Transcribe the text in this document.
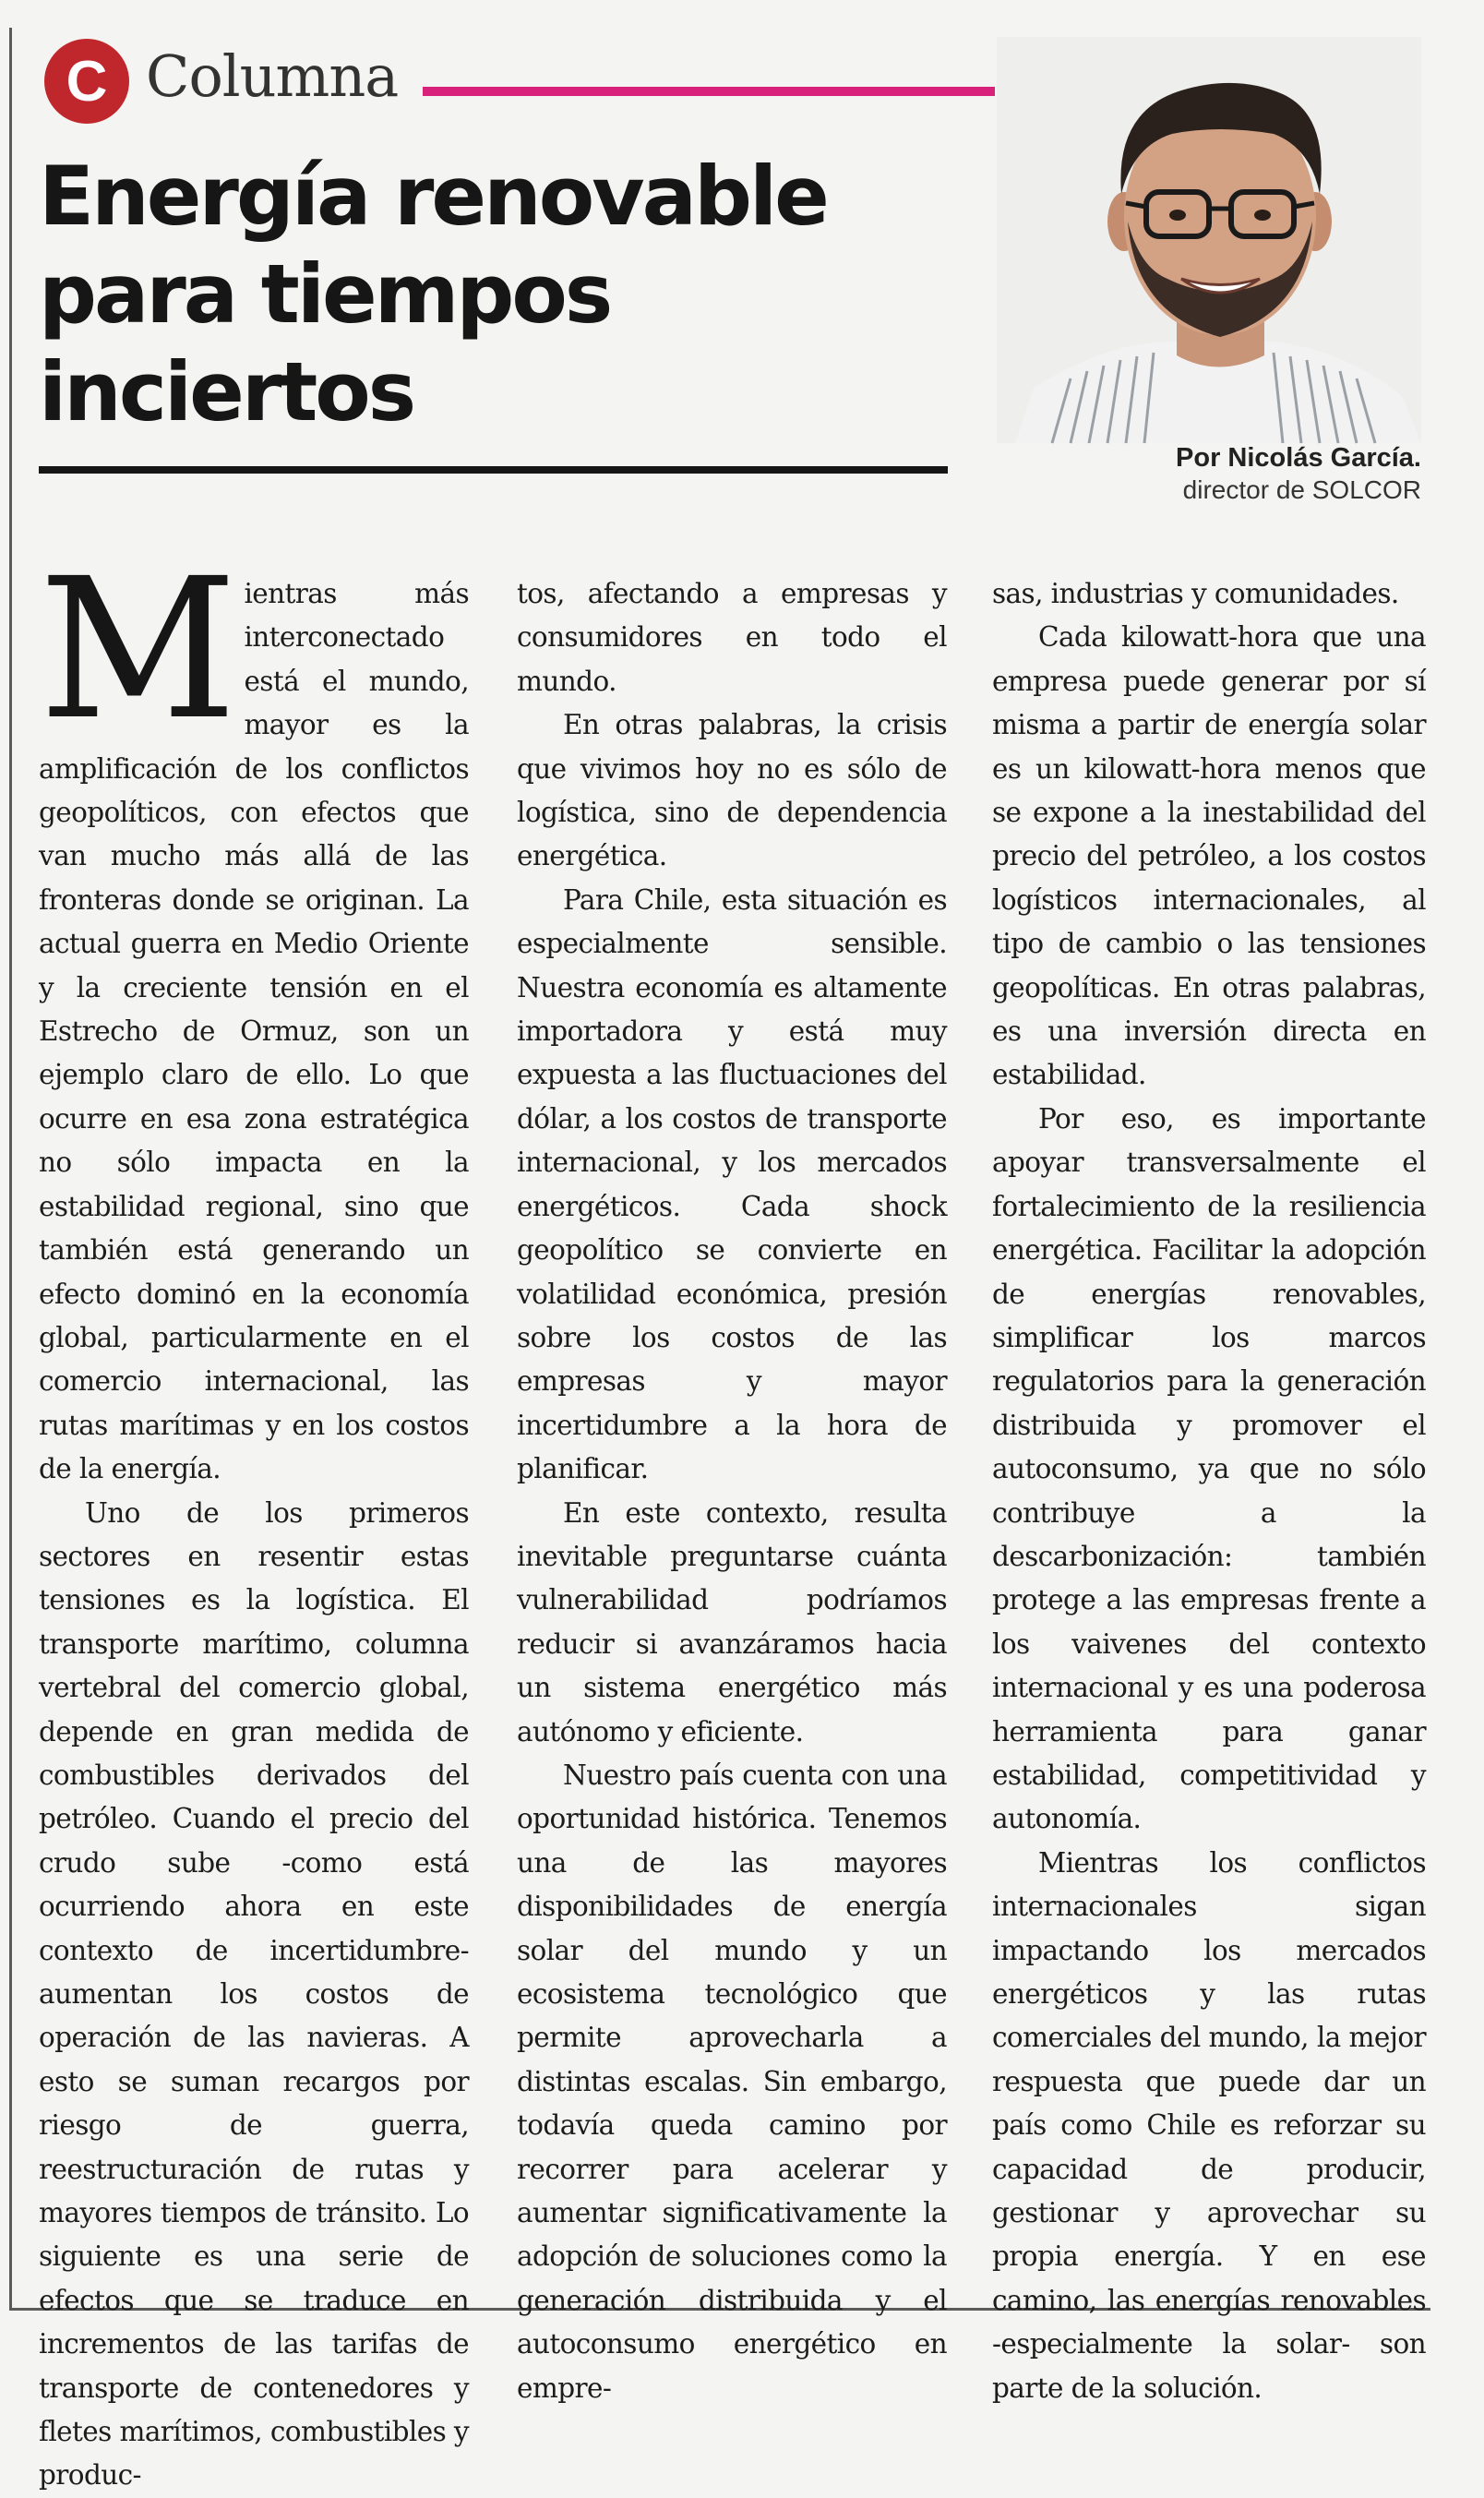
C Columna
Energía renovable para tiempos inciertos
Por Nicolás García.
director de SOLCOR

Mientras más interconectado está el mundo, mayor es la amplificación de los conflictos geopolíticos, con efectos que van mucho más allá de las fronteras donde se originan. La actual guerra en Medio Oriente y la creciente tensión en el Estrecho de Ormuz, son un ejemplo claro de ello. Lo que ocurre en esa zona estratégica no sólo impacta en la estabilidad regional, sino que también está generando un efecto dominó en la economía global, particularmente en el comercio internacional, las rutas marítimas y en los costos de la energía.

Uno de los primeros sectores en resentir estas tensiones es la logística. El transporte marítimo, columna vertebral del comercio global, depende en gran medida de combustibles derivados del petróleo. Cuando el precio del crudo sube -como está ocurriendo ahora en este contexto de incertidumbre- aumentan los costos de operación de las navieras. A esto se suman recargos por riesgo de guerra, reestructuración de rutas y mayores tiempos de tránsito. Lo siguiente es una serie de efectos que se traduce en incrementos de las tarifas de transporte de contenedores y fletes marítimos, combustibles y produc-

tos, afectando a empresas y consumidores en todo el mundo.

En otras palabras, la crisis que vivimos hoy no es sólo de logística, sino de dependencia energética.

Para Chile, esta situación es especialmente sensible. Nuestra economía es altamente importadora y está muy expuesta a las fluctuaciones del dólar, a los costos de transporte internacional, y los mercados energéticos. Cada shock geopolítico se convierte en volatilidad económica, presión sobre los costos de las empresas y mayor incertidumbre a la hora de planificar.

En este contexto, resulta inevitable preguntarse cuánta vulnerabilidad podríamos reducir si avanzáramos hacia un sistema energético más autónomo y eficiente.

Nuestro país cuenta con una oportunidad histórica. Tenemos una de las mayores disponibilidades de energía solar del mundo y un ecosistema tecnológico que permite aprovecharla a distintas escalas. Sin embargo, todavía queda camino por recorrer para acelerar y aumentar significativamente la adopción de soluciones como la generación distribuida y el autoconsumo energético en empre-

sas, industrias y comunidades.

Cada kilowatt-hora que una empresa puede generar por sí misma a partir de energía solar es un kilowatt-hora menos que se expone a la inestabilidad del precio del petróleo, a los costos logísticos internacionales, al tipo de cambio o las tensiones geopolíticas. En otras palabras, es una inversión directa en estabilidad.

Por eso, es importante apoyar transversalmente el fortalecimiento de la resiliencia energética. Facilitar la adopción de energías renovables, simplificar los marcos regulatorios para la generación distribuida y promover el autoconsumo, ya que no sólo contribuye a la descarbonización: también protege a las empresas frente a los vaivenes del contexto internacional y es una poderosa herramienta para ganar estabilidad, competitividad y autonomía.

Mientras los conflictos internacionales sigan impactando los mercados energéticos y las rutas comerciales del mundo, la mejor respuesta que puede dar un país como Chile es reforzar su capacidad de producir, gestionar y aprovechar su propia energía. Y en ese camino, las energías renovables -especialmente la solar- son parte de la solución.
